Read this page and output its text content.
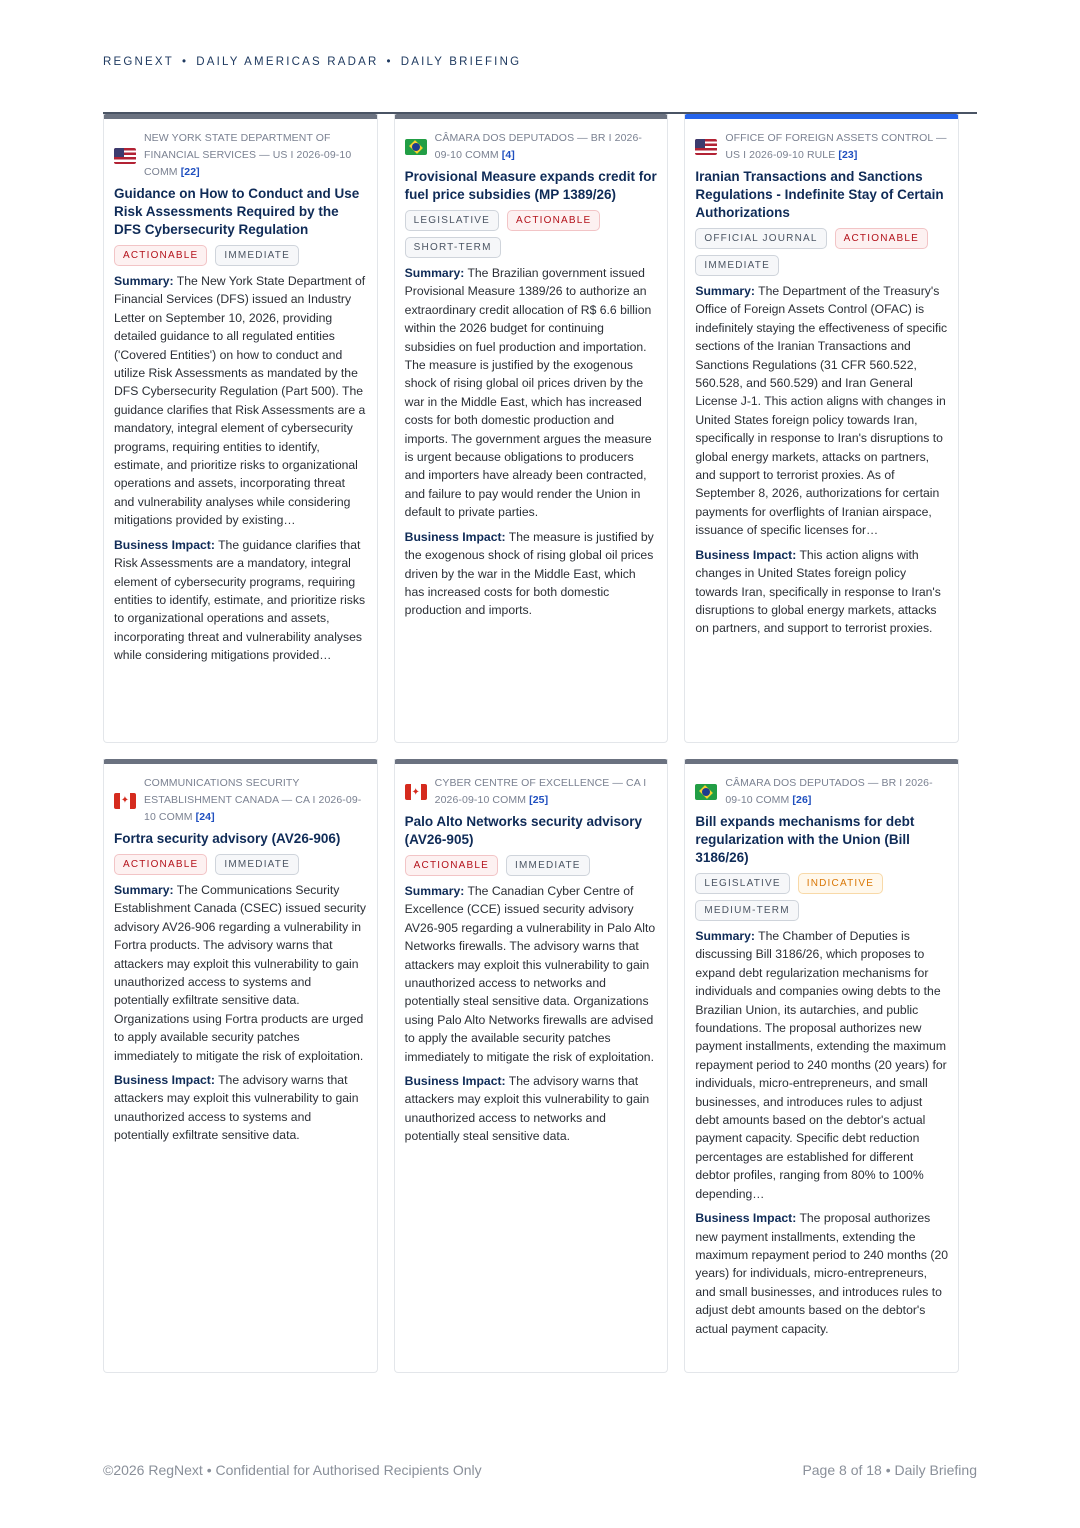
REGNEXT • DAILY AMERICAS RADAR • DAILY BRIEFING
NEW YORK STATE DEPARTMENT OF FINANCIAL SERVICES — US I 2026-09-10 COMM [22]
Guidance on How to Conduct and Use Risk Assessments Required by the DFS Cybersecurity Regulation
ACTIONABLE	IMMEDIATE
Summary: The New York State Department of Financial Services (DFS) issued an Industry Letter on September 10, 2026, providing detailed guidance to all regulated entities ('Covered Entities') on how to conduct and utilize Risk Assessments as mandated by the DFS Cybersecurity Regulation (Part 500). The guidance clarifies that Risk Assessments are a mandatory, integral element of cybersecurity programs, requiring entities to identify, estimate, and prioritize risks to organizational operations and assets, incorporating threat and vulnerability analyses while considering mitigations provided by existing…
Business Impact: The guidance clarifies that Risk Assessments are a mandatory, integral element of cybersecurity programs, requiring entities to identify, estimate, and prioritize risks to organizational operations and assets, incorporating threat and vulnerability analyses while considering mitigations provided…
CÂMARA DOS DEPUTADOS — BR I 2026-09-10 COMM [4]
Provisional Measure expands credit for fuel price subsidies (MP 1389/26)
LEGISLATIVE	ACTIONABLE
SHORT-TERM
Summary: The Brazilian government issued Provisional Measure 1389/26 to authorize an extraordinary credit allocation of R$ 6.6 billion within the 2026 budget for continuing subsidies on fuel production and importation. The measure is justified by the exogenous shock of rising global oil prices driven by the war in the Middle East, which has increased costs for both domestic production and imports. The government argues the measure is urgent because obligations to producers and importers have already been contracted, and failure to pay would render the Union in default to private parties.
Business Impact: The measure is justified by the exogenous shock of rising global oil prices driven by the war in the Middle East, which has increased costs for both domestic production and imports.
OFFICE OF FOREIGN ASSETS CONTROL — US I 2026-09-10 RULE [23]
Iranian Transactions and Sanctions Regulations - Indefinite Stay of Certain Authorizations
OFFICIAL JOURNAL	ACTIONABLE
IMMEDIATE
Summary: The Department of the Treasury's Office of Foreign Assets Control (OFAC) is indefinitely staying the effectiveness of specific sections of the Iranian Transactions and Sanctions Regulations (31 CFR 560.522, 560.528, and 560.529) and Iran General License J-1. This action aligns with changes in United States foreign policy towards Iran, specifically in response to Iran's disruptions to global energy markets, attacks on partners, and support to terrorist proxies. As of September 8, 2026, authorizations for certain payments for overflights of Iranian airspace, issuance of specific licenses for…
Business Impact: This action aligns with changes in United States foreign policy towards Iran, specifically in response to Iran's disruptions to global energy markets, attacks on partners, and support to terrorist proxies.
✦
COMMUNICATIONS SECURITY ESTABLISHMENT CANADA — CA I 2026-09-10 COMM [24]
Fortra security advisory (AV26-906)
ACTIONABLE	IMMEDIATE
Summary: The Communications Security Establishment Canada (CSEC) issued security advisory AV26-906 regarding a vulnerability in Fortra products. The advisory warns that attackers may exploit this vulnerability to gain unauthorized access to systems and potentially exfiltrate sensitive data. Organizations using Fortra products are urged to apply available security patches immediately to mitigate the risk of exploitation.
Business Impact: The advisory warns that attackers may exploit this vulnerability to gain unauthorized access to systems and potentially exfiltrate sensitive data.
✦
CYBER CENTRE OF EXCELLENCE — CA I 2026-09-10 COMM [25]
Palo Alto Networks security advisory (AV26-905)
ACTIONABLE	IMMEDIATE
Summary: The Canadian Cyber Centre of Excellence (CCE) issued security advisory AV26-905 regarding a vulnerability in Palo Alto Networks firewalls. The advisory warns that attackers may exploit this vulnerability to gain unauthorized access to networks and potentially steal sensitive data. Organizations using Palo Alto Networks firewalls are advised to apply the available security patches immediately to mitigate the risk of exploitation.
Business Impact: The advisory warns that attackers may exploit this vulnerability to gain unauthorized access to networks and potentially steal sensitive data.
CÂMARA DOS DEPUTADOS — BR I 2026-09-10 COMM [26]
Bill expands mechanisms for debt regularization with the Union (Bill 3186/26)
LEGISLATIVE	INDICATIVE
MEDIUM-TERM
Summary: The Chamber of Deputies is discussing Bill 3186/26, which proposes to expand debt regularization mechanisms for individuals and companies owing debts to the Brazilian Union, its autarchies, and public foundations. The proposal authorizes new payment installments, extending the maximum repayment period to 240 months (20 years) for individuals, micro-entrepreneurs, and small businesses, and introduces rules to adjust debt amounts based on the debtor's actual payment capacity. Specific debt reduction percentages are established for different debtor profiles, ranging from 80% to 100% depending…
Business Impact: The proposal authorizes new payment installments, extending the maximum repayment period to 240 months (20 years) for individuals, micro-entrepreneurs, and small businesses, and introduces rules to adjust debt amounts based on the debtor's actual payment capacity.
©2026 RegNext • Confidential for Authorised Recipients Only	Page 8 of 18 • Daily Briefing
